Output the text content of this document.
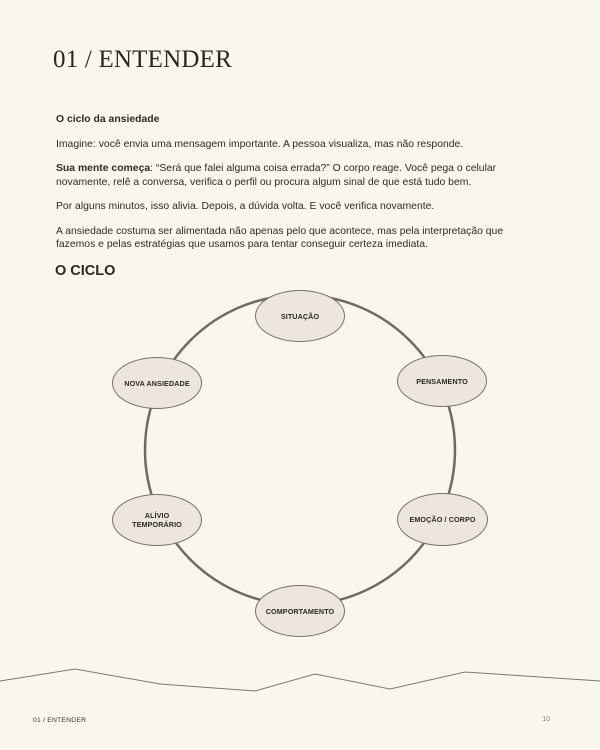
01 / ENTENDER

O ciclo da ansiedade

Imagine: você envia uma mensagem importante. A pessoa visualiza, mas não responde.

Sua mente começa: “Será que falei alguma coisa errada?” O corpo reage. Você pega o celular novamente, relê a conversa, verifica o perfil ou procura algum sinal de que está tudo bem.

Por alguns minutos, isso alivia. Depois, a dúvida volta. E você verifica novamente.

A ansiedade costuma ser alimentada não apenas pelo que acontece, mas pela interpretação que fazemos e pelas estratégias que usamos para tentar conseguir certeza imediata.

O CICLO
SITUAÇÃO
PENSAMENTO
EMOÇÃO / CORPO
COMPORTAMENTO
ALÍVIO TEMPORÁRIO
NOVA ANSIEDADE
01 / ENTENDER	10
